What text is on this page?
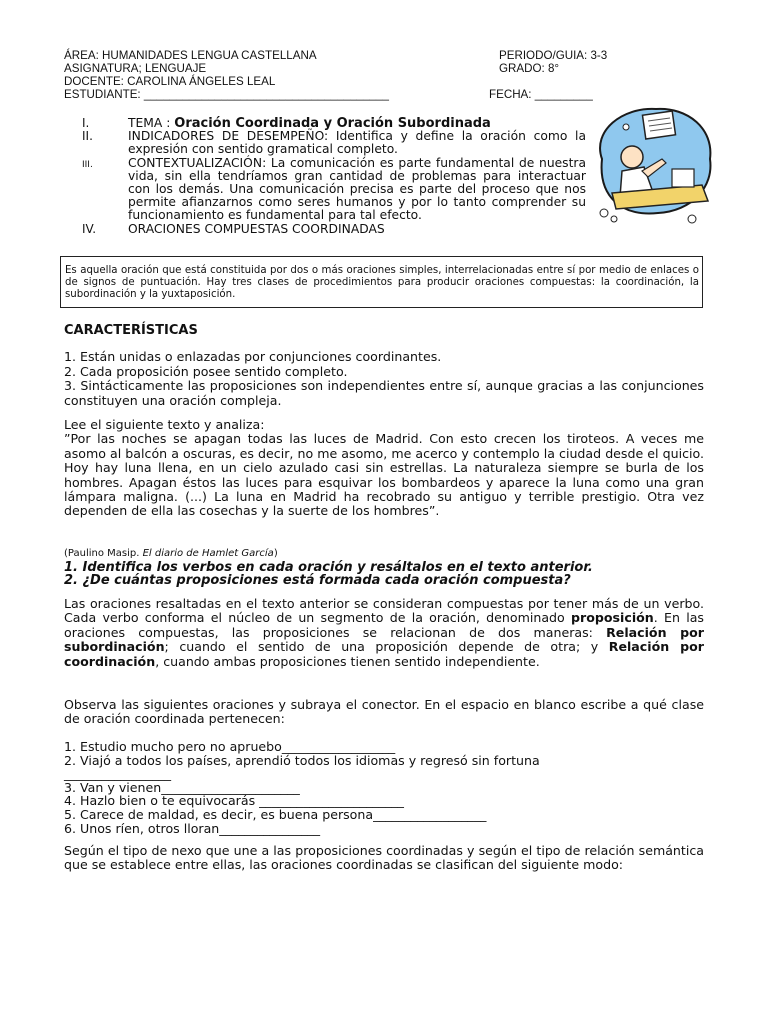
ÁREA: HUMANIDADES LENGUA CASTELLANA	PERIODO/GUIA: 3-3
ASIGNATURA; LENGUAJE	GRADO: 8°
DOCENTE: CAROLINA ÁNGELES LEAL
ESTUDIANTE: ______________________________________	FECHA: _________
I.	TEMA : Oración Coordinada y Oración Subordinada
II.	INDICADORES DE DESEMPEÑO: Identifica y define la oración como la expresión con sentido gramatical completo.
III.	CONTEXTUALIZACIÓN: La comunicación es parte fundamental de nuestra vida, sin ella tendríamos gran cantidad de problemas para interactuar con los demás. Una comunicación precisa es parte del proceso que nos permite afianzarnos como seres humanos y por lo tanto comprender su funcionamiento es fundamental para tal efecto.
IV.	ORACIONES COMPUESTAS COORDINADAS
Es aquella oración que está constituida por dos o más oraciones simples, interrelacionadas entre sí por medio de enlaces o de signos de puntuación. Hay tres clases de procedimientos para producir oraciones compuestas: la coordinación, la subordinación y la yuxtaposición.
CARACTERÍSTICAS
1. Están unidas o enlazadas por conjunciones coordinantes.
2. Cada proposición posee sentido completo.
3. Sintácticamente las proposiciones son independientes entre sí, aunque gracias a las conjunciones constituyen una oración compleja.
Lee el siguiente texto y analiza:
”Por las noches se apagan todas las luces de Madrid. Con esto crecen los tiroteos. A veces me asomo al balcón a oscuras, es decir, no me asomo, me acerco y contemplo la ciudad desde el quicio. Hoy hay luna llena, en un cielo azulado casi sin estrellas. La naturaleza siempre se burla de los hombres. Apagan éstos las luces para esquivar los bombardeos y aparece la luna como una gran lámpara maligna. (...) La luna en Madrid ha recobrado su antiguo y terrible prestigio. Otra vez dependen de ella las cosechas y la suerte de los hombres”.
(Paulino Masip. El diario de Hamlet García)
1. Identifica los verbos en cada oración y resáltalos en el texto anterior.
2. ¿De cuántas proposiciones está formada cada oración compuesta?
Las oraciones resaltadas en el texto anterior se consideran compuestas por tener más de un verbo. Cada verbo conforma el núcleo de un segmento de la oración, denominado proposición. En las oraciones compuestas, las proposiciones se relacionan de dos maneras: Relación por subordinación; cuando el sentido de una proposición depende de otra; y Relación por coordinación, cuando ambas proposiciones tienen sentido independiente.
Observa las siguientes oraciones y subraya el conector. En el espacio en blanco escribe a qué clase de oración coordinada pertenecen:
1. Estudio mucho pero no apruebo__________________
2. Viajó a todos los países, aprendió todos los idiomas y regresó sin fortuna
_________________
3. Van y vienen______________________
4. Hazlo bien o te equivocarás _______________________
5. Carece de maldad, es decir, es buena persona__________________
6. Unos ríen, otros lloran________________
Según el tipo de nexo que une a las proposiciones coordinadas y según el tipo de relación semántica que se establece entre ellas, las oraciones coordinadas se clasifican del siguiente modo:
